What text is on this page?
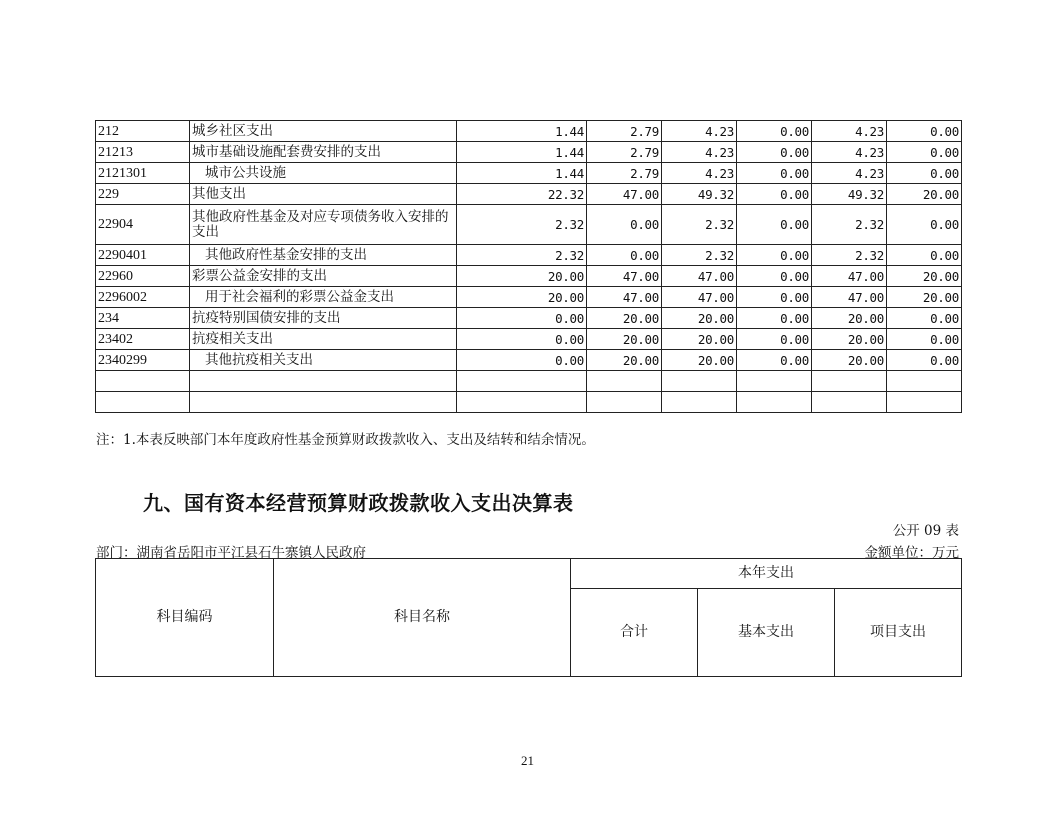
212	城乡社区支出	1.44	2.79	4.23	0.00	4.23	0.00
21213	城市基础设施配套费安排的支出	1.44	2.79	4.23	0.00	4.23	0.00
2121301	城市公共设施	1.44	2.79	4.23	0.00	4.23	0.00
229	其他支出	22.32	47.00	49.32	0.00	49.32	20.00
22904	其他政府性基金及对应专项债务收入安排的支出	2.32	0.00	2.32	0.00	2.32	0.00
2290401	其他政府性基金安排的支出	2.32	0.00	2.32	0.00	2.32	0.00
22960	彩票公益金安排的支出	20.00	47.00	47.00	0.00	47.00	20.00
2296002	用于社会福利的彩票公益金支出	20.00	47.00	47.00	0.00	47.00	20.00
234	抗疫特别国债安排的支出	0.00	20.00	20.00	0.00	20.00	0.00
23402	抗疫相关支出	0.00	20.00	20.00	0.00	20.00	0.00
2340299	其他抗疫相关支出	0.00	20.00	20.00	0.00	20.00	0.00

注：1.本表反映部门本年度政府性基金预算财政拨款收入、支出及结转和结余情况。
九、国有资本经营预算财政拨款收入支出决算表
公开 09 表
部门：湖南省岳阳市平江县石牛寨镇人民政府	金额单位：万元
科目编码	科目名称	本年支出		
		合计	基本支出	项目支出
21
